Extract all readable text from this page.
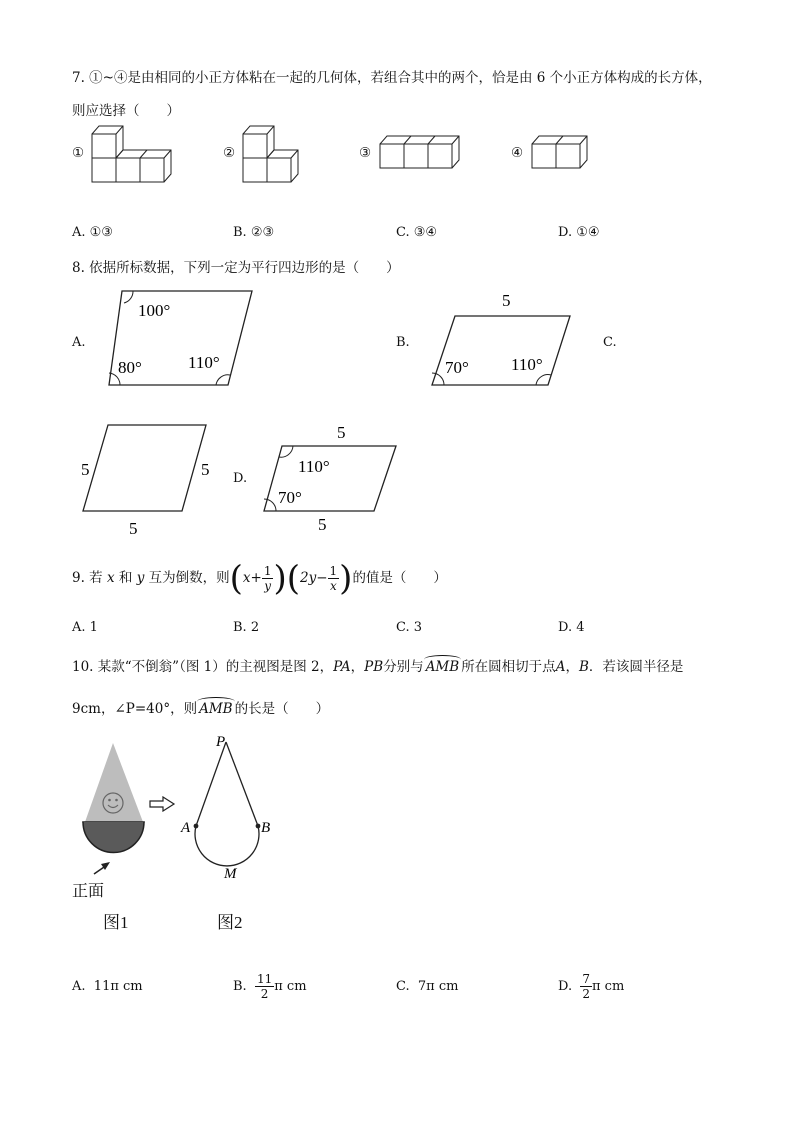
7. ①~④是由相同的小正方体粘在一起的几何体，若组合其中的两个，恰是由 6 个小正方体构成的长方体，
则应选择（　　）
①	②	③	④
A. ①③	B. ②③	C. ③④	D. ①④
8. 依据所标数据，下列一定为平行四边形的是（　　）
A.
100°
80°	110°
B.
5
70° 110°
C.
5	5
5
D.
5
110°
70°
5
9. 若 x 和 y 互为倒数，则$(x+ \frac{1}{y} )(2y- \frac{1}{x}$ )的值是（　　）
A. 1	B. 2	C. 3	D. 4
10. 某款“不倒翁”（图 1）的主视图是图 2，PA，PB分别与 AMB 所在圆相切于点A，B．若该圆半径是
9cm，∠P=40°，则 AMB 的长是（　　）
正面
图1
P
A	B
M
图2
A. 11π cm	B. $\frac{11}{2}$ π cm	C. 7π cm	D. $\frac{7}{2}$ π cm
